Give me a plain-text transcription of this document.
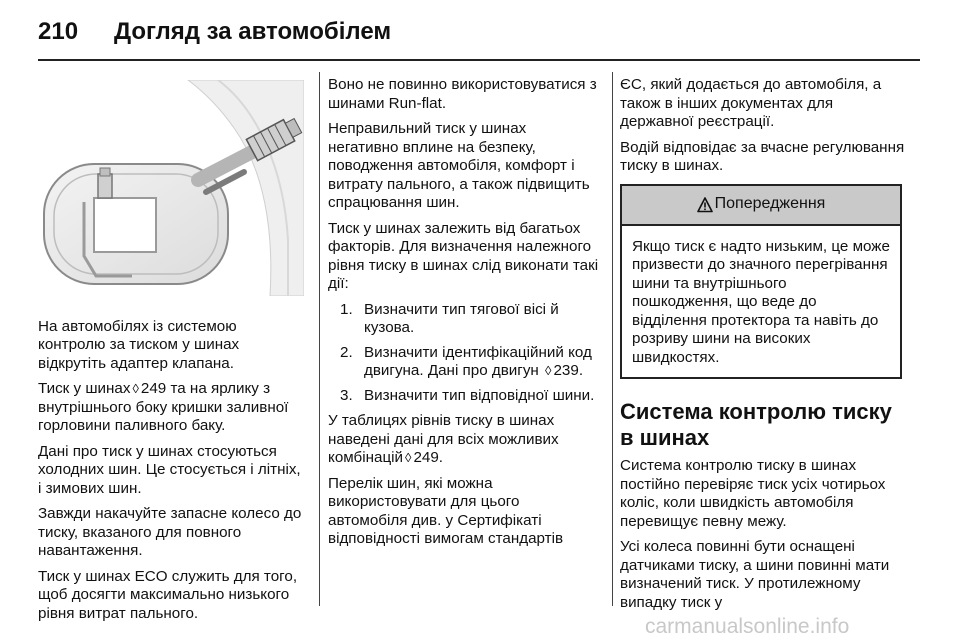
210 Догляд за автомобілем

На автомобілях із системою контролю за тиском у шинах відкрутіть адаптер клапана.

Тиск у шинах ◊ 249 та на ярлику з внутрішнього боку кришки заливної горловини паливного баку.

Дані про тиск у шинах стосуються холодних шин. Це стосується і літніх, і зимових шин.

Завжди накачуйте запасне колесо до тиску, вказаного для повного навантаження.

Тиск у шинах ECO служить для того, щоб досягти максимально низького рівня витрат пального.

Воно не повинно використовуватися з шинами Run-flat.

Неправильний тиск у шинах негативно вплине на безпеку, поводження автомобіля, комфорт і витрату пального, а також підвищить спрацювання шин.

Тиск у шинах залежить від багатьох факторів. Для визначення належного рівня тиску в шинах слід виконати такі дії:

1. Визначити тип тягової вісі й кузова.
2. Визначити ідентифікаційний код двигуна. Дані про двигун ◊ 239.
3. Визначити тип відповідної шини.

У таблицях рівнів тиску в шинах наведені дані для всіх можливих комбінацій ◊ 249.

Перелік шин, які можна використовувати для цього автомобіля див. у Сертифікаті відповідності вимогам стандартів

ЄС, який додається до автомобіля, а також в інших документах для державної реєстрації.

Водій відповідає за вчасне регулювання тиску в шинах.

Попередження
Якщо тиск є надто низьким, це може призвести до значного перегрівання шини та внутрішнього пошкодження, що веде до відділення протектора та навіть до розриву шини на високих швидкостях.
Система контролю тиску в шинах

Система контролю тиску в шинах постійно перевіряє тиск усіх чотирьох коліс, коли швидкість автомобіля перевищує певну межу.

Усі колеса повинні бути оснащені датчиками тиску, а шини повинні мати визначений тиск. У протилежному випадку тиск у

carmanualsonline.info
